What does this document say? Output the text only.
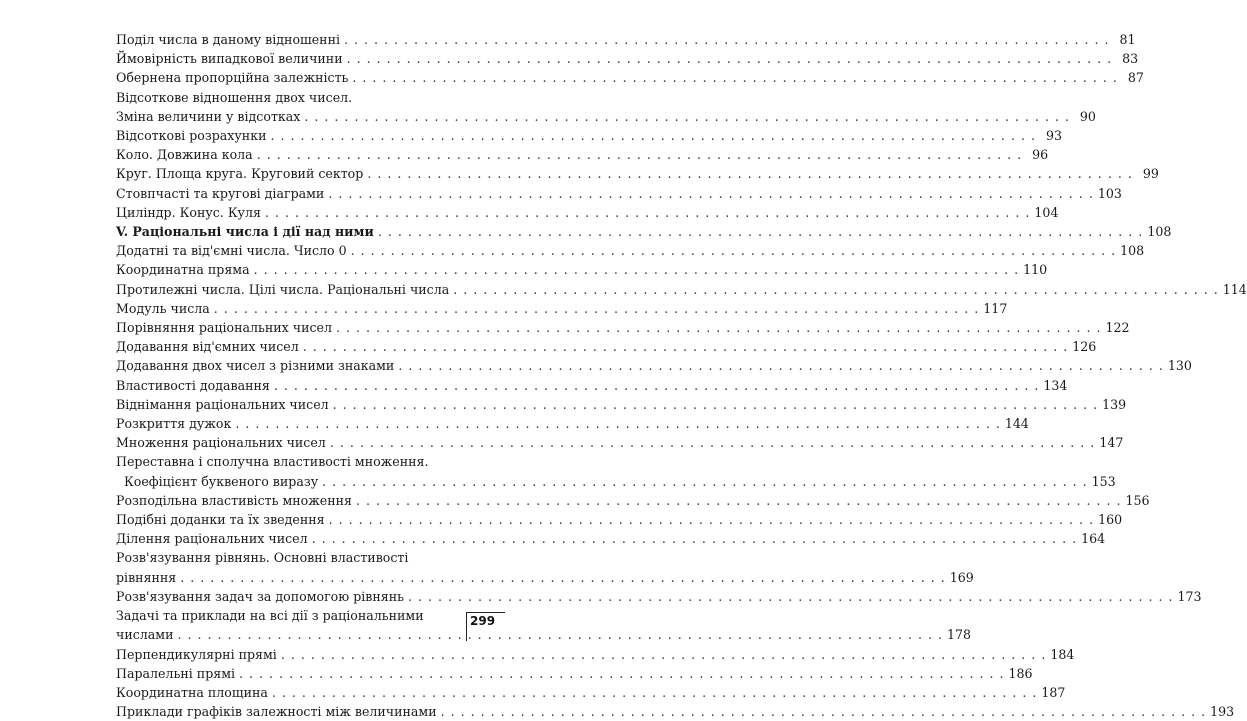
Поділ числа в даному відношенні . . .	81
Ймовірність випадкової величини . . .	83
Обернена пропорційна залежність . . .	87
Відсоткове відношення двох чисел.
Зміна величини у відсотках . . .	90
Відсоткові розрахунки . . .	93
Коло. Довжина кола . . .	96
Круг. Площа круга. Круговий сектор . . .	99
Стовпчасті та кругові діаграми . . .	103
Циліндр. Конус. Куля . . .	104
V. Раціональні числа і дії над ними . . .	108
Додатні та від'ємні числа. Число 0 . . .	108
Координатна пряма . . .	110
Протилежні числа. Цілі числа. Раціональні числа . . .	114
Модуль числа . . .	117
Порівняння раціональних чисел . . .	122
Додавання від'ємних чисел . . .	126
Додавання двох чисел з різними знаками . . .	130
Властивості додавання . . .	134
Віднімання раціональних чисел . . .	139
Розкриття дужок . . .	144
Множення раціональних чисел . . .	147
Переставна і сполучна властивості множення.
Коефіцієнт буквеного виразу . . .	153
Розподільна властивість множення . . .	156
Подібні доданки та їх зведення . . .	160
Ділення раціональних чисел . . .	164
Розв'язування рівнянь. Основні властивості
рівняння . . .	169
Розв'язування задач за допомогою рівнянь . . .	173
Задачі та приклади на всі дії з раціональними
числами . . .	178
Перпендикулярні прямі . . .	184
Паралельні прямі . . .	186
Координатна площина . . .	187
Приклади графіків залежності між величинами . . .	193
299
